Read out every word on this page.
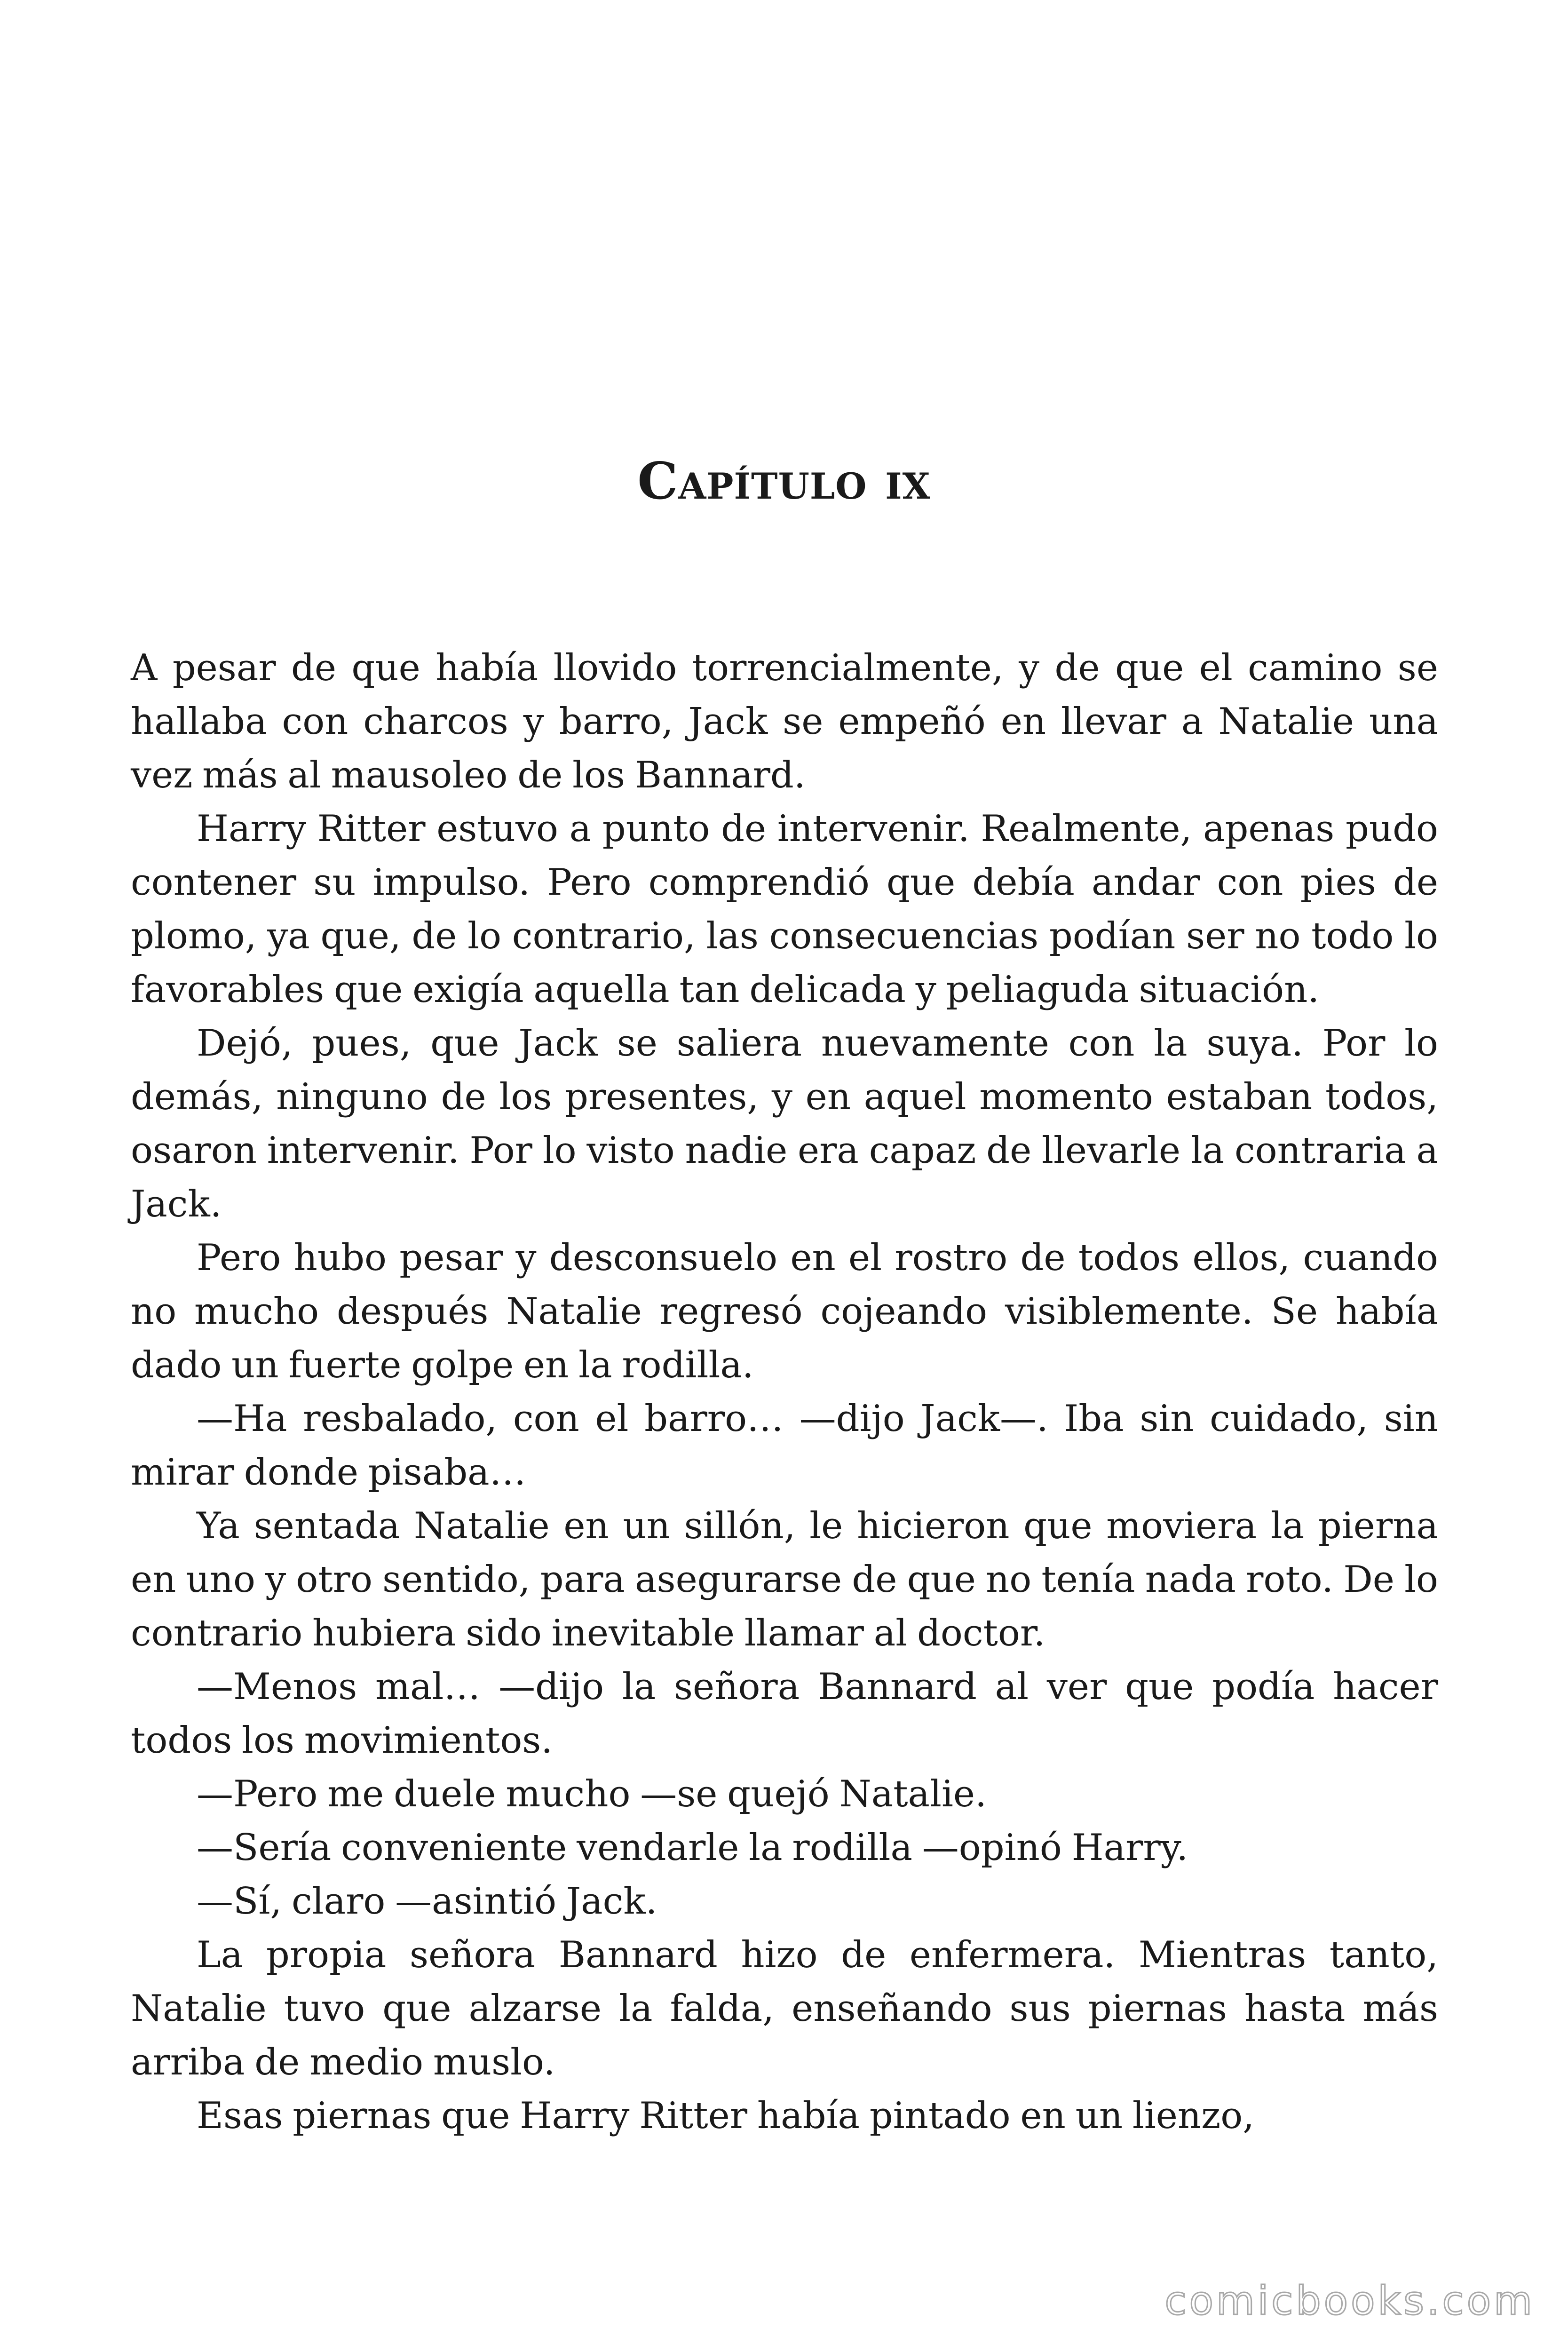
Capítulo ix

A pesar de que había llovido torrencialmente, y de que el camino se hallaba con charcos y barro, Jack se empeñó en llevar a Natalie una vez más al mausoleo de los Bannard.

Harry Ritter estuvo a punto de intervenir. Realmente, apenas pudo contener su impulso. Pero comprendió que debía andar con pies de plomo, ya que, de lo contrario, las consecuencias podían ser no todo lo favorables que exigía aquella tan delicada y peliaguda situación.

Dejó, pues, que Jack se saliera nuevamente con la suya. Por lo demás, ninguno de los presentes, y en aquel momento estaban todos, osaron intervenir. Por lo visto nadie era capaz de llevarle la contraria a Jack.

Pero hubo pesar y desconsuelo en el rostro de todos ellos, cuando no mucho después Natalie regresó cojeando visiblemente. Se había dado un fuerte golpe en la rodilla.

—Ha resbalado, con el barro… —dijo Jack—. Iba sin cuidado, sin mirar donde pisaba…

Ya sentada Natalie en un sillón, le hicieron que moviera la pierna en uno y otro sentido, para asegurarse de que no tenía nada roto. De lo contrario hubiera sido inevitable llamar al doctor.

—Menos mal… —dijo la señora Bannard al ver que podía hacer todos los movimientos.

—Pero me duele mucho —se quejó Natalie.

—Sería conveniente vendarle la rodilla —opinó Harry.

—Sí, claro —asintió Jack.

La propia señora Bannard hizo de enfermera. Mientras tanto, Natalie tuvo que alzarse la falda, enseñando sus piernas hasta más arriba de medio muslo.

Esas piernas que Harry Ritter había pintado en un lienzo,

comicbooks.com
